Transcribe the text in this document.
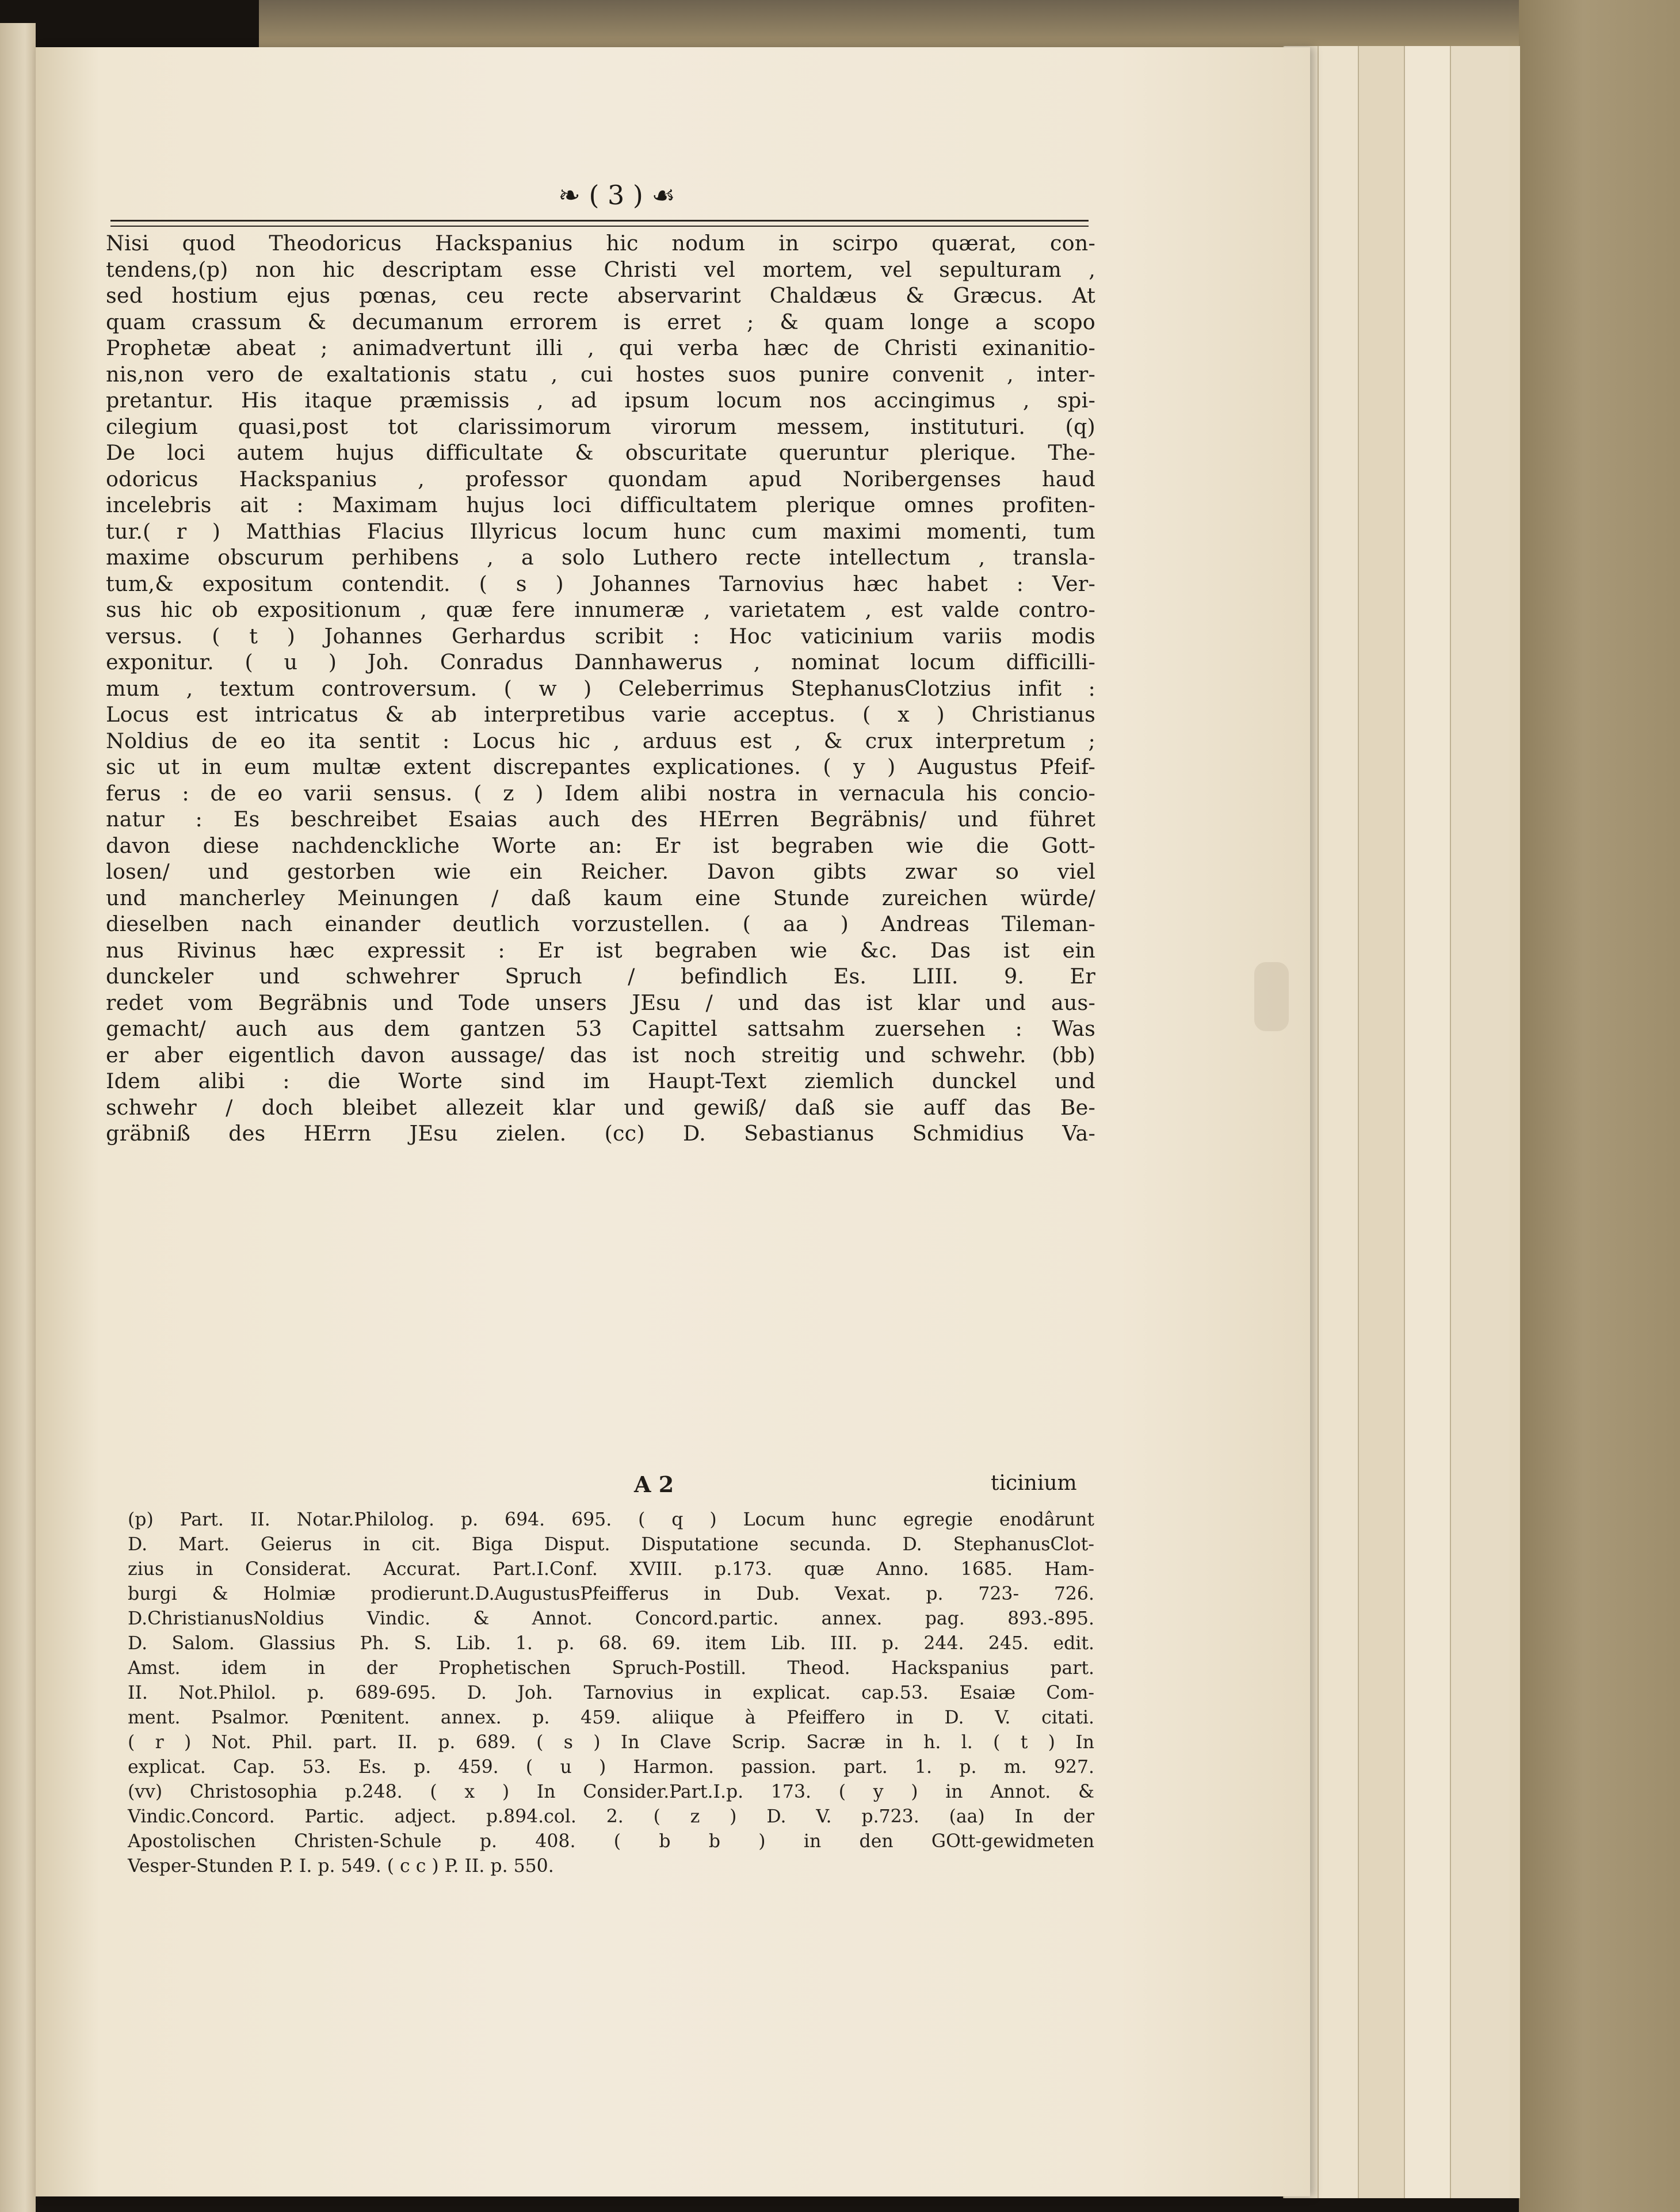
❧ ( 3 ) ☙

Nisi quod Theodoricus Hackspanius hic nodum in scirpo quærat, con-

tendens,(p) non hic descriptam esse Christi vel mortem, vel sepulturam ,

sed hostium ejus pœnas, ceu recte abservarint Chaldæus & Græcus. At

quam crassum & decumanum errorem is erret ; & quam longe a scopo

Prophetæ abeat ; animadvertunt illi , qui verba hæc de Christi exinanitio-

nis,non vero de exaltationis statu , cui hostes suos punire convenit , inter-

pretantur. His itaque præmissis , ad ipsum locum nos accingimus , spi-

cilegium quasi,post tot clarissimorum virorum messem, instituturi. (q)

De loci autem hujus difficultate & obscuritate queruntur plerique. The-

odoricus Hackspanius , professor quondam apud Noribergenses haud

incelebris ait : Maximam hujus loci difficultatem plerique omnes profiten-

tur.( r ) Matthias Flacius Illyricus locum hunc cum maximi momenti, tum

maxime obscurum perhibens , a solo Luthero recte intellectum , transla-

tum,& expositum contendit. ( s ) Johannes Tarnovius hæc habet : Ver-

sus hic ob expositionum , quæ fere innumeræ , varietatem , est valde contro-

versus. ( t ) Johannes Gerhardus scribit : Hoc vaticinium variis modis

exponitur. ( u ) Joh. Conradus Dannhawerus , nominat locum difficilli-

mum , textum controversum. ( w ) Celeberrimus StephanusClotzius infit :

Locus est intricatus & ab interpretibus varie acceptus. ( x ) Christianus

Noldius de eo ita sentit : Locus hic , arduus est , & crux interpretum ;

sic ut in eum multæ extent discrepantes explicationes. ( y ) Augustus Pfeif-

ferus : de eo varii sensus. ( z ) Idem alibi nostra in vernacula his concio-

natur : Es beschreibet Esaias auch des HErren Begräbnis/ und führet

davon diese nachdenckliche Worte an: Er ist begraben wie die Gott-

losen/ und gestorben wie ein Reicher. Davon gibts zwar so viel

und mancherley Meinungen / daß kaum eine Stunde zureichen würde/

dieselben nach einander deutlich vorzustellen. ( aa ) Andreas Tileman-

nus Rivinus hæc expressit : Er ist begraben wie &c. Das ist ein

dunckeler und schwehrer Spruch / befindlich Es. LIII. 9. Er

redet vom Begräbnis und Tode unsers JEsu / und das ist klar und aus-

gemacht/ auch aus dem gantzen 53 Capittel sattsahm zuersehen : Was

er aber eigentlich davon aussage/ das ist noch streitig und schwehr. (bb)

Idem alibi : die Worte sind im Haupt-Text ziemlich dunckel und

schwehr / doch bleibet allezeit klar und gewiß/ daß sie auff das Be-

gräbniß des HErrn JEsu zielen. (cc) D. Sebastianus Schmidius Va-

A 2	ticinium

(p) Part. II. Notar.Philolog. p. 694. 695. ( q ) Locum hunc egregie enodârunt

D. Mart. Geierus in cit. Biga Disput. Disputatione secunda. D. StephanusClot-

zius in Considerat. Accurat. Part.I.Conf. XVIII. p.173. quæ Anno. 1685. Ham-

burgi & Holmiæ prodierunt.D.AugustusPfeifferus in Dub. Vexat. p. 723- 726.

D.ChristianusNoldius Vindic. & Annot. Concord.partic. annex. pag. 893.-895.

D. Salom. Glassius Ph. S. Lib. 1. p. 68. 69. item Lib. III. p. 244. 245. edit.

Amst. idem in der Prophetischen Spruch-Postill. Theod. Hackspanius part.

II. Not.Philol. p. 689-695. D. Joh. Tarnovius in explicat. cap.53. Esaiæ Com-

ment. Psalmor. Pœnitent. annex. p. 459. aliique à Pfeiffero in D. V. citati.

( r ) Not. Phil. part. II. p. 689. ( s ) In Clave Scrip. Sacræ in h. l. ( t ) In

explicat. Cap. 53. Es. p. 459. ( u ) Harmon. passion. part. 1. p. m. 927.

(vv) Christosophia p.248. ( x ) In Consider.Part.I.p. 173. ( y ) in Annot. &

Vindic.Concord. Partic. adject. p.894.col. 2. ( z ) D. V. p.723. (aa) In der

Apostolischen Christen-Schule p. 408. ( b b ) in den GOtt-gewidmeten

Vesper-Stunden P. I. p. 549. ( c c ) P. II. p. 550.
